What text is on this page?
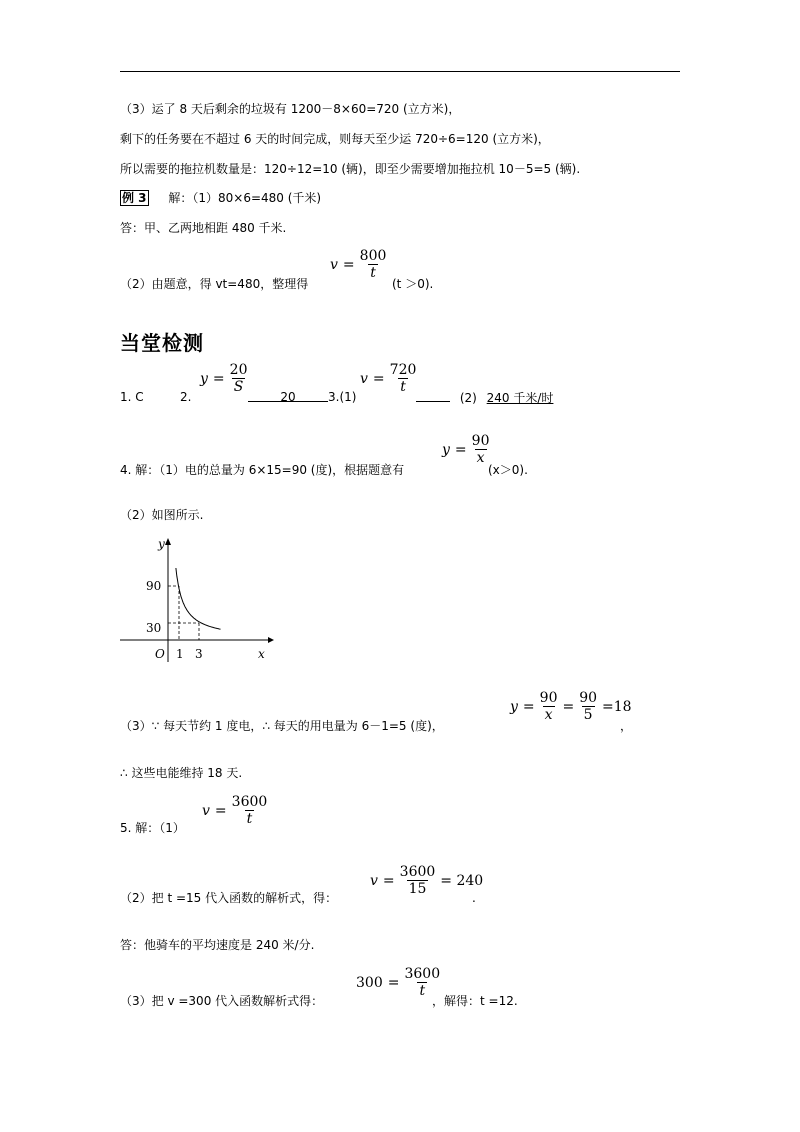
（3）运了 8 天后剩余的垃圾有 1200－8×60=720 (立方米)，
剩下的任务要在不超过 6 天的时间完成，则每天至少运 720÷6=120 (立方米)，
所以需要的拖拉机数量是：120÷12=10 (辆)，即至少需要增加拖拉机 10－5=5 (辆).
例 3 解：（1）80×6=480 (千米)
答：甲、乙两地相距 480 千米.
（2）由题意，得 vt=480，整理得
$v = \frac{800}{t}$
(t ＞0).
当堂检测
1. C	2.
$y = \frac{20}{S}$
20	3.(1)
$v = \frac{720}{t}$
(2) 240 千米/时
4. 解：（1）电的总量为 6×15=90 (度)，根据题意有
$y = \frac{90}{x}$
(x＞0).
（2）如图所示.
y
x
O
90
30
1 3
（3）∵ 每天节约 1 度电，∴ 每天的用电量为 6－1=5 (度)，
$y = \frac{90}{x} = \frac{90}{5} =18$
，
∴ 这些电能维持 18 天.
5. 解：（1）
$v = \frac{3600}{t}$
（2）把 t =15 代入函数的解析式，得：
$v = \frac{3600}{15} = 240$
.
答：他骑车的平均速度是 240 米/分.
（3）把 v =300 代入函数解析式得：
$300 = \frac{3600}{t}$
，解得：t =12.
